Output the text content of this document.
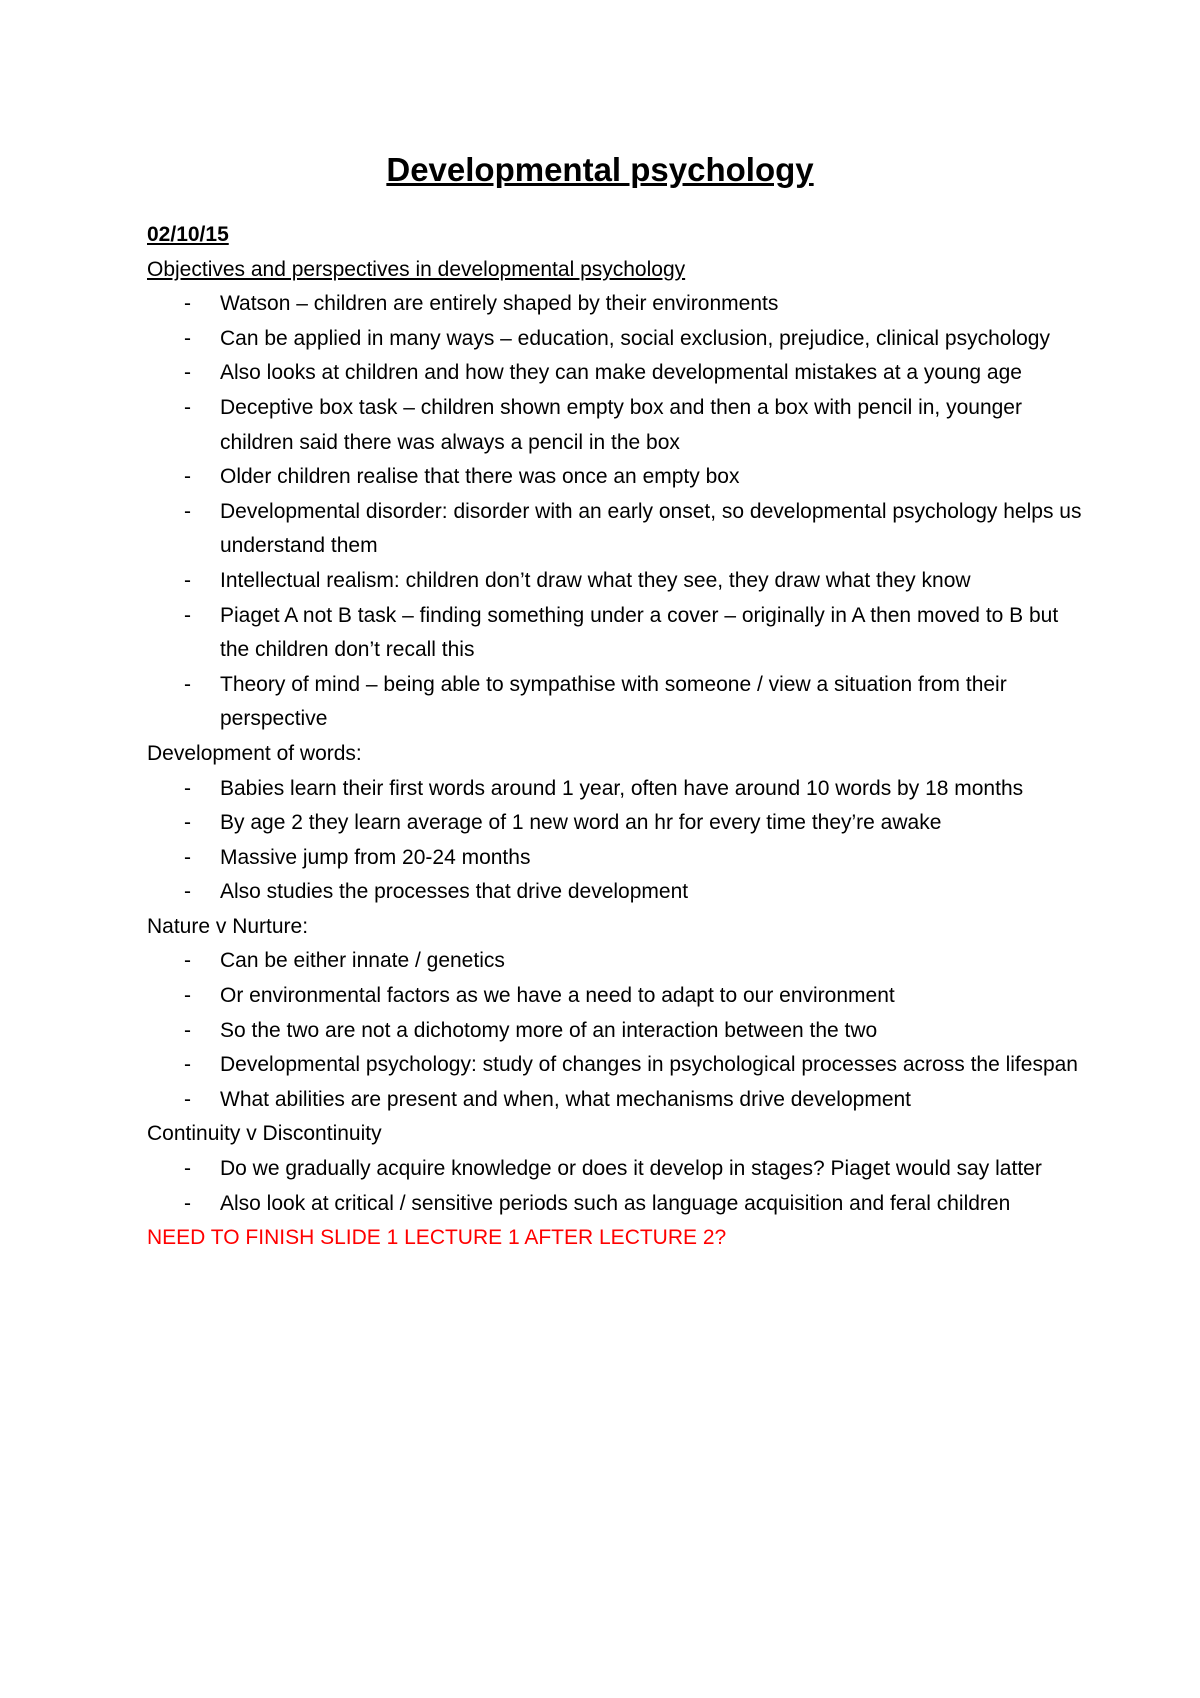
Developmental psychology
02/10/15
Objectives and perspectives in developmental psychology
- Watson – children are entirely shaped by their environments
- Can be applied in many ways – education, social exclusion, prejudice, clinical psychology
- Also looks at children and how they can make developmental mistakes at a young age
- Deceptive box task – children shown empty box and then a box with pencil in, younger children said there was always a pencil in the box
- Older children realise that there was once an empty box
- Developmental disorder: disorder with an early onset, so developmental psychology helps us understand them
- Intellectual realism: children don’t draw what they see, they draw what they know
- Piaget A not B task – finding something under a cover – originally in A then moved to B but the children don’t recall this
- Theory of mind – being able to sympathise with someone / view a situation from their perspective
Development of words:
- Babies learn their first words around 1 year, often have around 10 words by 18 months
- By age 2 they learn average of 1 new word an hr for every time they’re awake
- Massive jump from 20-24 months
- Also studies the processes that drive development
Nature v Nurture:
- Can be either innate / genetics
- Or environmental factors as we have a need to adapt to our environment
- So the two are not a dichotomy more of an interaction between the two
- Developmental psychology: study of changes in psychological processes across the lifespan
- What abilities are present and when, what mechanisms drive development
Continuity v Discontinuity
- Do we gradually acquire knowledge or does it develop in stages? Piaget would say latter
- Also look at critical / sensitive periods such as language acquisition and feral children
NEED TO FINISH SLIDE 1 LECTURE 1 AFTER LECTURE 2?
